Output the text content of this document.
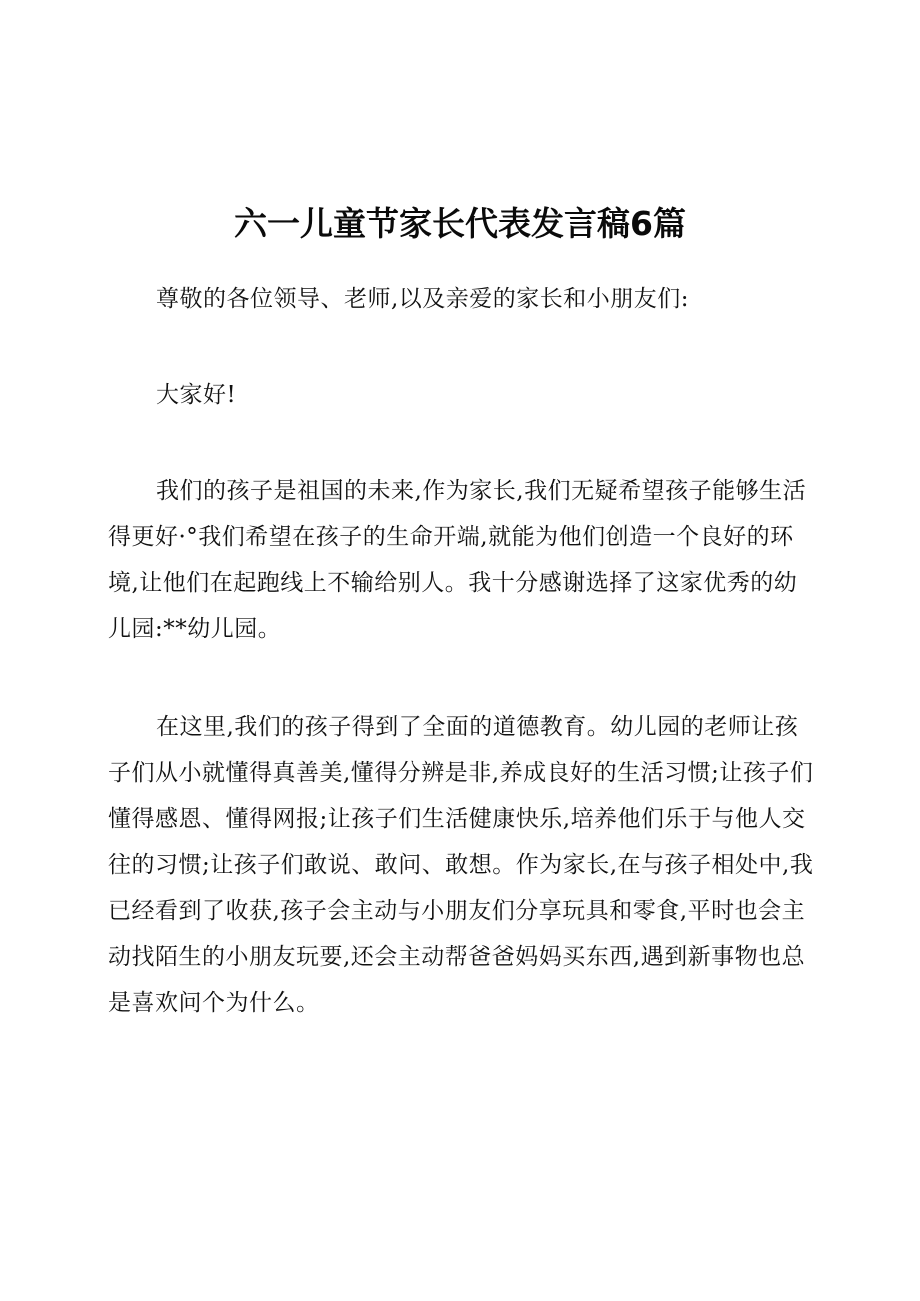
六一儿童节家长代表发言稿6篇

尊敬的各位领导、老师,以及亲爱的家长和小朋友们:

大家好!

我们的孩子是祖国的未来,作为家长,我们无疑希望孩子能够生活得更好·°我们希望在孩子的生命开端,就能为他们创造一个良好的环境,让他们在起跑线上不输给别人。我十分感谢选择了这家优秀的幼儿园:**幼儿园。

在这里,我们的孩子得到了全面的道德教育。幼儿园的老师让孩子们从小就懂得真善美,懂得分辨是非,养成良好的生活习惯;让孩子们懂得感恩、懂得网报;让孩子们生活健康快乐,培养他们乐于与他人交往的习惯;让孩子们敢说、敢问、敢想。作为家长,在与孩子相处中,我已经看到了收获,孩子会主动与小朋友们分享玩具和零食,平时也会主动找陌生的小朋友玩要,还会主动帮爸爸妈妈买东西,遇到新事物也总是喜欢问个为什么。
